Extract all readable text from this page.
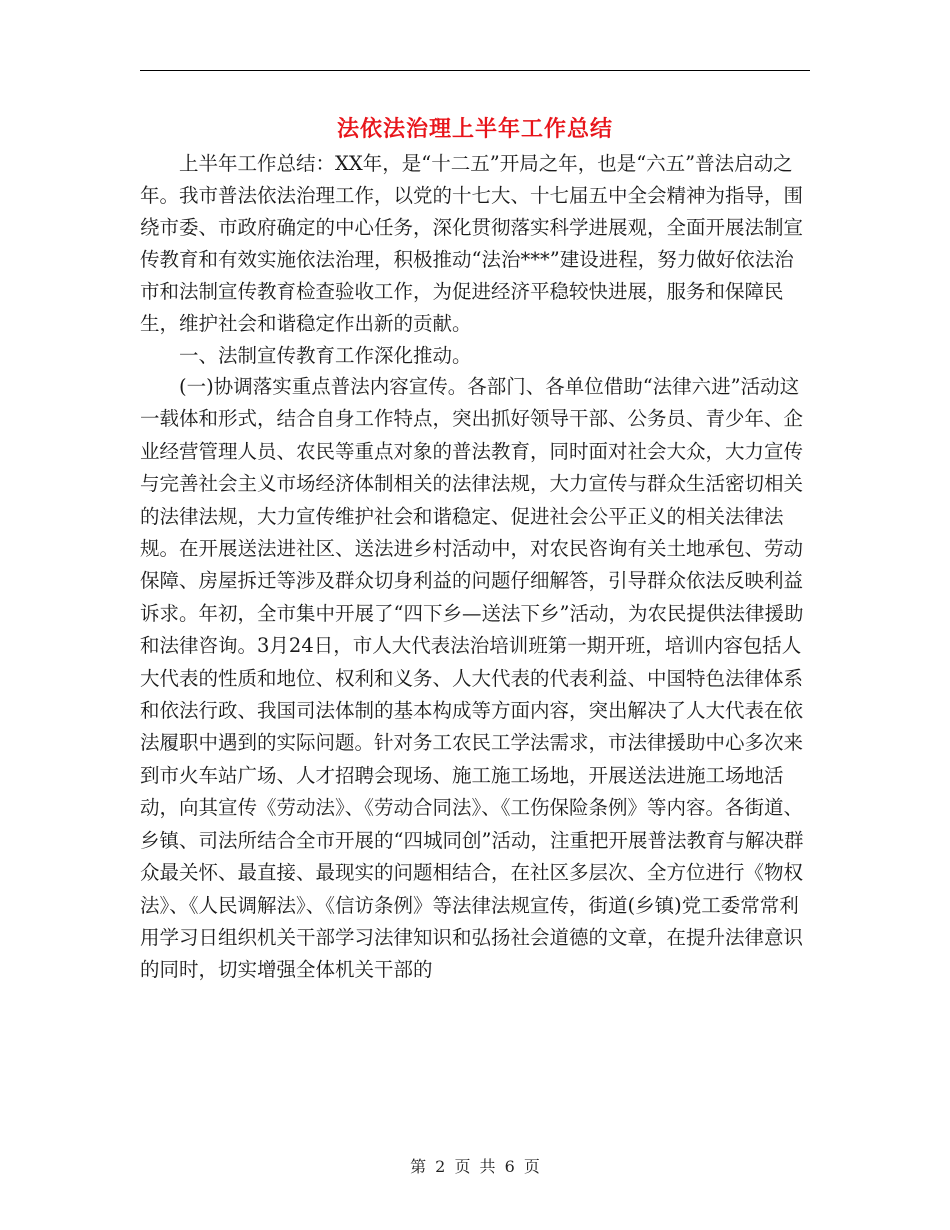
法依法治理上半年工作总结

上半年工作总结：XX年，是“十二五”开局之年，也是“六五”普法启动之年。我市普法依法治理工作，以党的十七大、十七届五中全会精神为指导，围绕市委、市政府确定的中心任务，深化贯彻落实科学进展观，全面开展法制宣传教育和有效实施依法治理，积极推动“法治***”建设进程，努力做好依法治市和法制宣传教育检查验收工作，为促进经济平稳较快进展，服务和保障民生，维护社会和谐稳定作出新的贡献。

一、法制宣传教育工作深化推动。

(一)协调落实重点普法内容宣传。各部门、各单位借助“法律六进”活动这一载体和形式，结合自身工作特点，突出抓好领导干部、公务员、青少年、企业经营管理人员、农民等重点对象的普法教育，同时面对社会大众，大力宣传与完善社会主义市场经济体制相关的法律法规，大力宣传与群众生活密切相关的法律法规，大力宣传维护社会和谐稳定、促进社会公平正义的相关法律法规。在开展送法进社区、送法进乡村活动中，对农民咨询有关土地承包、劳动保障、房屋拆迁等涉及群众切身利益的问题仔细解答，引导群众依法反映利益诉求。年初，全市集中开展了“四下乡—送法下乡”活动，为农民提供法律援助和法律咨询。3月24日，市人大代表法治培训班第一期开班，培训内容包括人大代表的性质和地位、权利和义务、人大代表的代表利益、中国特色法律体系和依法行政、我国司法体制的基本构成等方面内容，突出解决了人大代表在依法履职中遇到的实际问题。针对务工农民工学法需求，市法律援助中心多次来到市火车站广场、人才招聘会现场、施工施工场地，开展送法进施工场地活动，向其宣传《劳动法》、《劳动合同法》、《工伤保险条例》等内容。各街道、乡镇、司法所结合全市开展的“四城同创”活动，注重把开展普法教育与解决群众最关怀、最直接、最现实的问题相结合，在社区多层次、全方位进行《物权法》、《人民调解法》、《信访条例》等法律法规宣传，街道(乡镇)党工委常常利用学习日组织机关干部学习法律知识和弘扬社会道德的文章，在提升法律意识的同时，切实增强全体机关干部的

第 2 页 共 6 页
